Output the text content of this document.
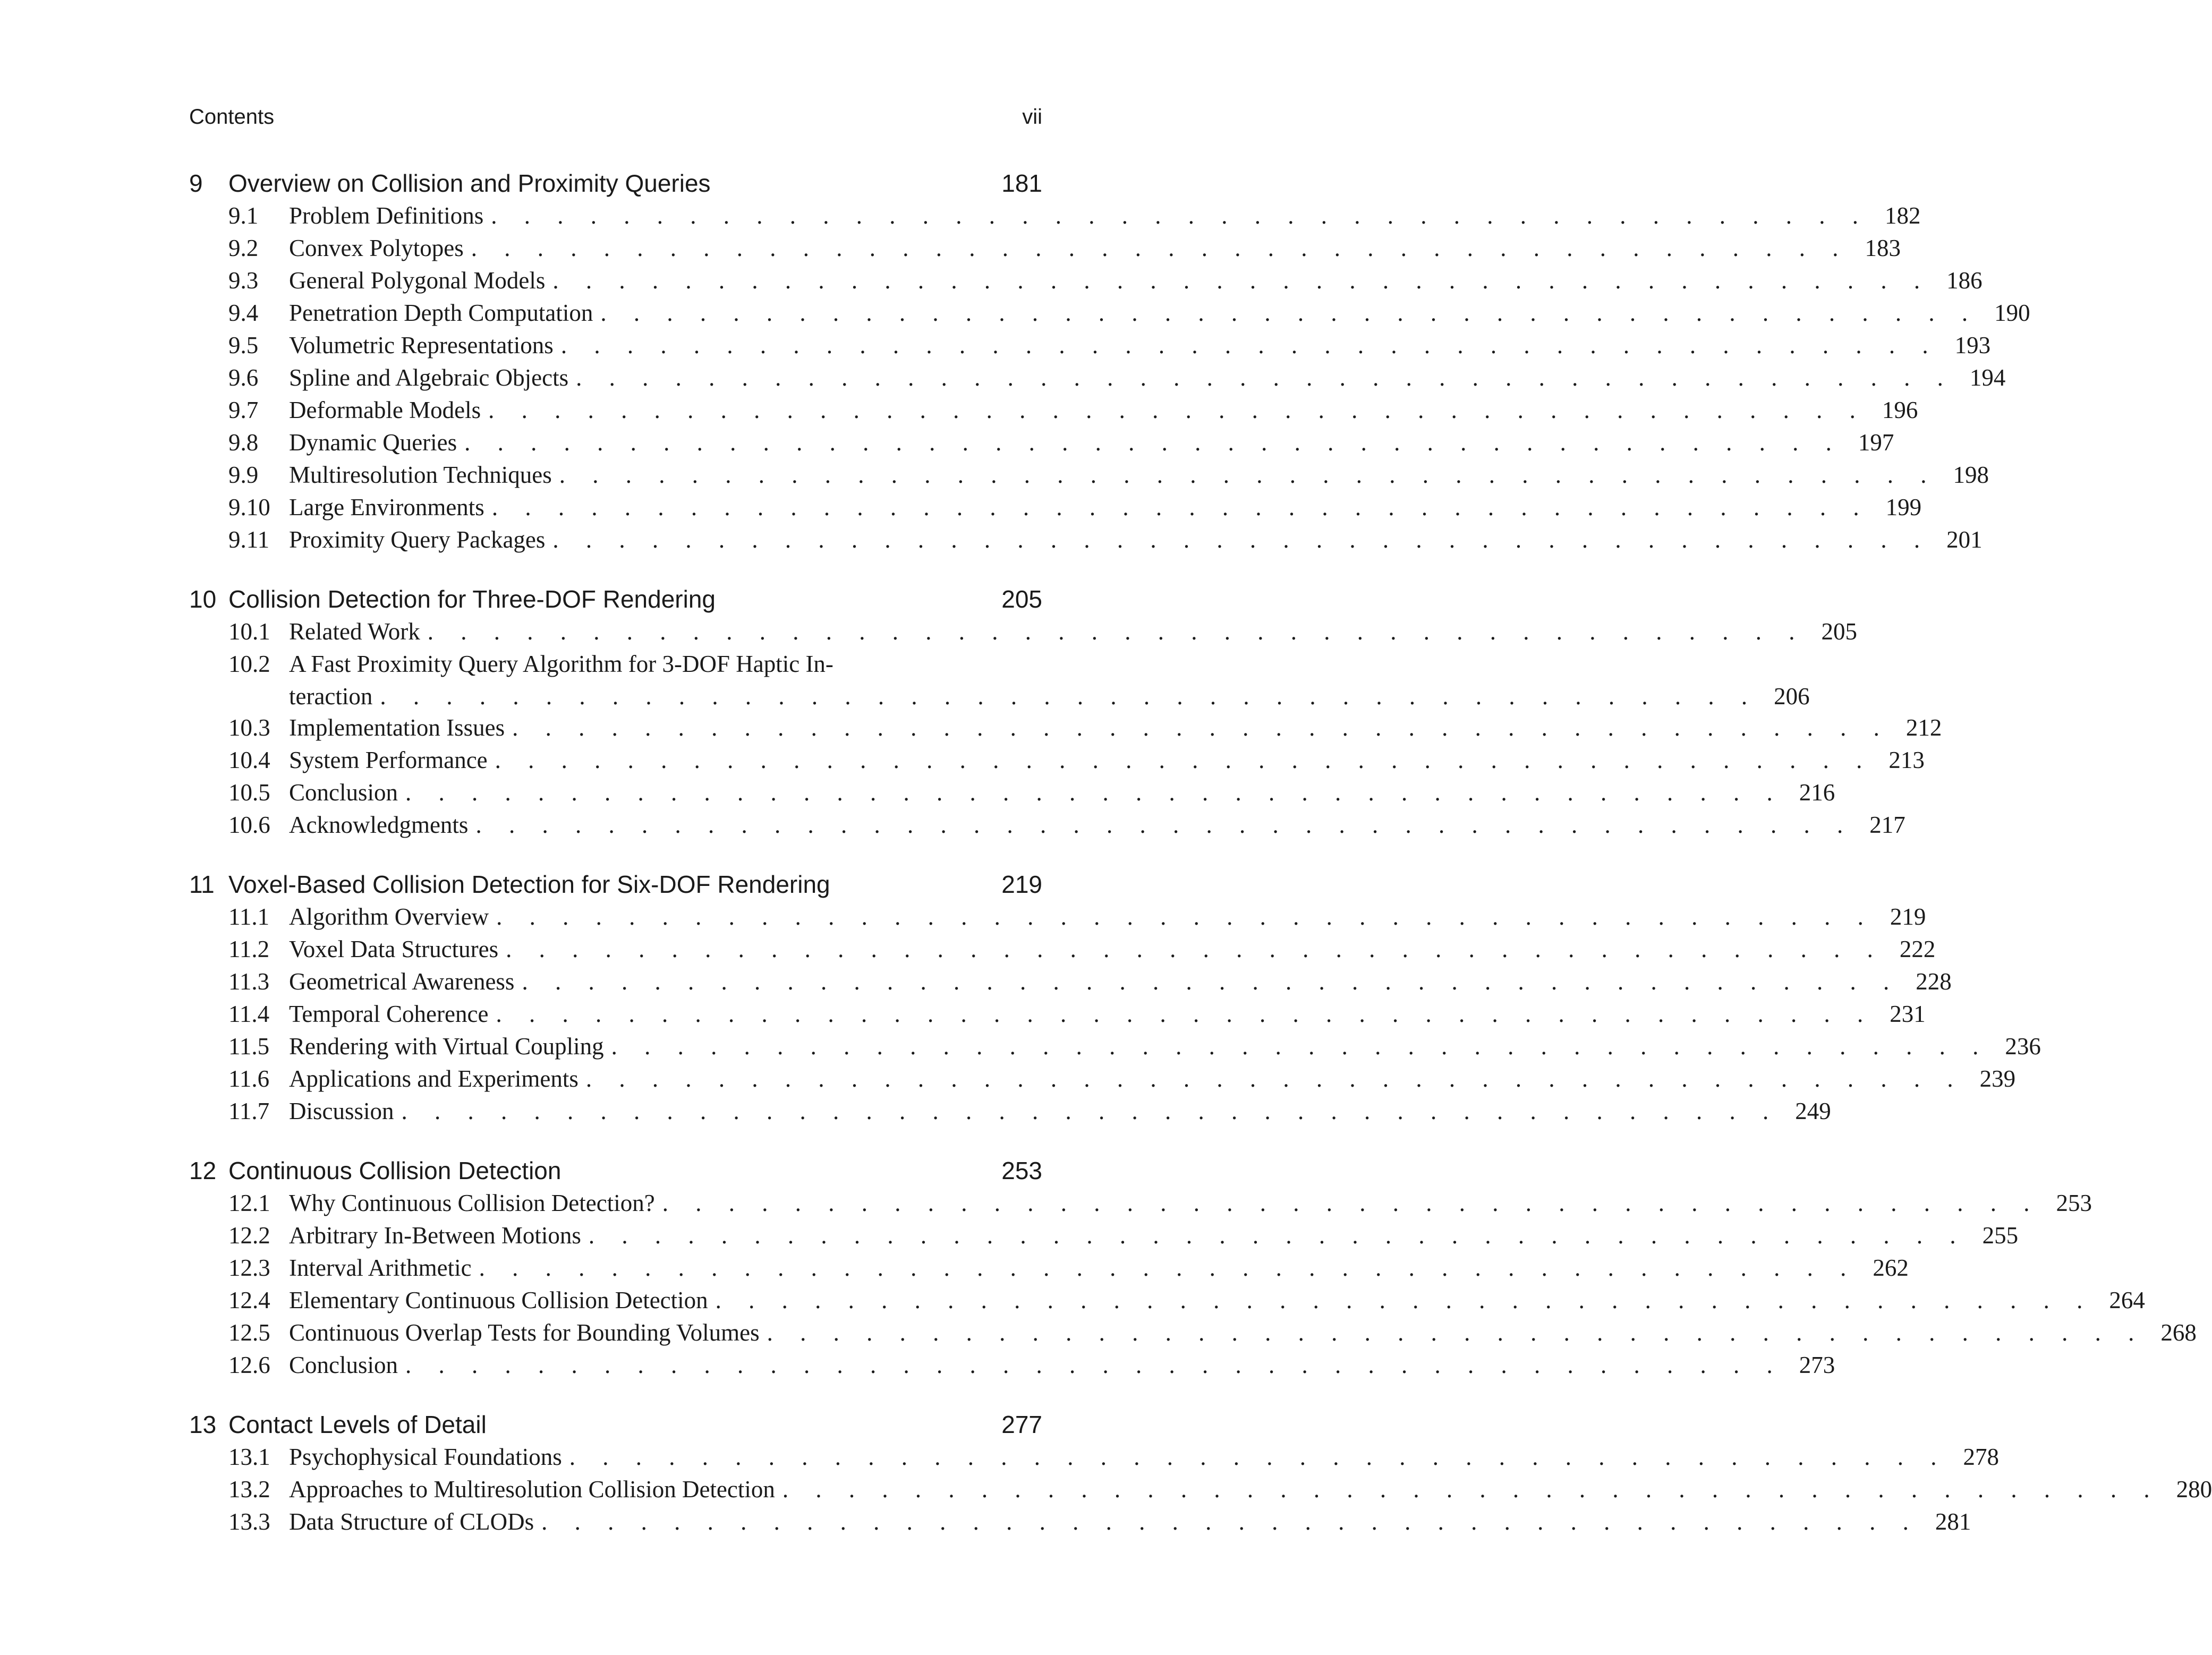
Contents	vii
9 Overview on Collision and Proximity Queries	181
9.1 Problem Definitions . . . . . . . . . . . . . . . . . . . . . . . . . . . . . . . . . . . . . . . . . . 182
9.2 Convex Polytopes . . . . . . . . . . . . . . . . . . . . . . . . . . . . . . . . . . . . . . . . . . 183
9.3 General Polygonal Models . . . . . . . . . . . . . . . . . . . . . . . . . . . . . . . . . . . . . . . . . . 186
9.4 Penetration Depth Computation . . . . . . . . . . . . . . . . . . . . . . . . . . . . . . . . . . . . . . . . . . 190
9.5 Volumetric Representations . . . . . . . . . . . . . . . . . . . . . . . . . . . . . . . . . . . . . . . . . . 193
9.6 Spline and Algebraic Objects . . . . . . . . . . . . . . . . . . . . . . . . . . . . . . . . . . . . . . . . . . 194
9.7 Deformable Models . . . . . . . . . . . . . . . . . . . . . . . . . . . . . . . . . . . . . . . . . . 196
9.8 Dynamic Queries . . . . . . . . . . . . . . . . . . . . . . . . . . . . . . . . . . . . . . . . . . 197
9.9 Multiresolution Techniques . . . . . . . . . . . . . . . . . . . . . . . . . . . . . . . . . . . . . . . . . . 198
9.10 Large Environments . . . . . . . . . . . . . . . . . . . . . . . . . . . . . . . . . . . . . . . . . . 199
9.11 Proximity Query Packages . . . . . . . . . . . . . . . . . . . . . . . . . . . . . . . . . . . . . . . . . . 201
10 Collision Detection for Three-DOF Rendering	205
10.1 Related Work . . . . . . . . . . . . . . . . . . . . . . . . . . . . . . . . . . . . . . . . . . 205
10.2 A Fast Proximity Query Algorithm for 3-DOF Haptic In-
teraction . . . . . . . . . . . . . . . . . . . . . . . . . . . . . . . . . . . . . . . . . . 206
10.3 Implementation Issues . . . . . . . . . . . . . . . . . . . . . . . . . . . . . . . . . . . . . . . . . . 212
10.4 System Performance . . . . . . . . . . . . . . . . . . . . . . . . . . . . . . . . . . . . . . . . . . 213
10.5 Conclusion . . . . . . . . . . . . . . . . . . . . . . . . . . . . . . . . . . . . . . . . . . 216
10.6 Acknowledgments . . . . . . . . . . . . . . . . . . . . . . . . . . . . . . . . . . . . . . . . . . 217
11 Voxel-Based Collision Detection for Six-DOF Rendering	219
11.1 Algorithm Overview . . . . . . . . . . . . . . . . . . . . . . . . . . . . . . . . . . . . . . . . . . 219
11.2 Voxel Data Structures . . . . . . . . . . . . . . . . . . . . . . . . . . . . . . . . . . . . . . . . . . 222
11.3 Geometrical Awareness . . . . . . . . . . . . . . . . . . . . . . . . . . . . . . . . . . . . . . . . . . 228
11.4 Temporal Coherence . . . . . . . . . . . . . . . . . . . . . . . . . . . . . . . . . . . . . . . . . . 231
11.5 Rendering with Virtual Coupling . . . . . . . . . . . . . . . . . . . . . . . . . . . . . . . . . . . . . . . . . . 236
11.6 Applications and Experiments . . . . . . . . . . . . . . . . . . . . . . . . . . . . . . . . . . . . . . . . . . 239
11.7 Discussion . . . . . . . . . . . . . . . . . . . . . . . . . . . . . . . . . . . . . . . . . . 249
12 Continuous Collision Detection	253
12.1 Why Continuous Collision Detection? . . . . . . . . . . . . . . . . . . . . . . . . . . . . . . . . . . . . . . . . . . 253
12.2 Arbitrary In-Between Motions . . . . . . . . . . . . . . . . . . . . . . . . . . . . . . . . . . . . . . . . . . 255
12.3 Interval Arithmetic . . . . . . . . . . . . . . . . . . . . . . . . . . . . . . . . . . . . . . . . . . 262
12.4 Elementary Continuous Collision Detection . . . . . . . . . . . . . . . . . . . . . . . . . . . . . . . . . . . . . . . . . . 264
12.5 Continuous Overlap Tests for Bounding Volumes . . . . . . . . . . . . . . . . . . . . . . . . . . . . . . . . . . . . . . . . . . 268
12.6 Conclusion . . . . . . . . . . . . . . . . . . . . . . . . . . . . . . . . . . . . . . . . . . 273
13 Contact Levels of Detail	277
13.1 Psychophysical Foundations . . . . . . . . . . . . . . . . . . . . . . . . . . . . . . . . . . . . . . . . . . 278
13.2 Approaches to Multiresolution Collision Detection . . . . . . . . . . . . . . . . . . . . . . . . . . . . . . . . . . . . . . . . . . 280
13.3 Data Structure of CLODs . . . . . . . . . . . . . . . . . . . . . . . . . . . . . . . . . . . . . . . . . . 281
